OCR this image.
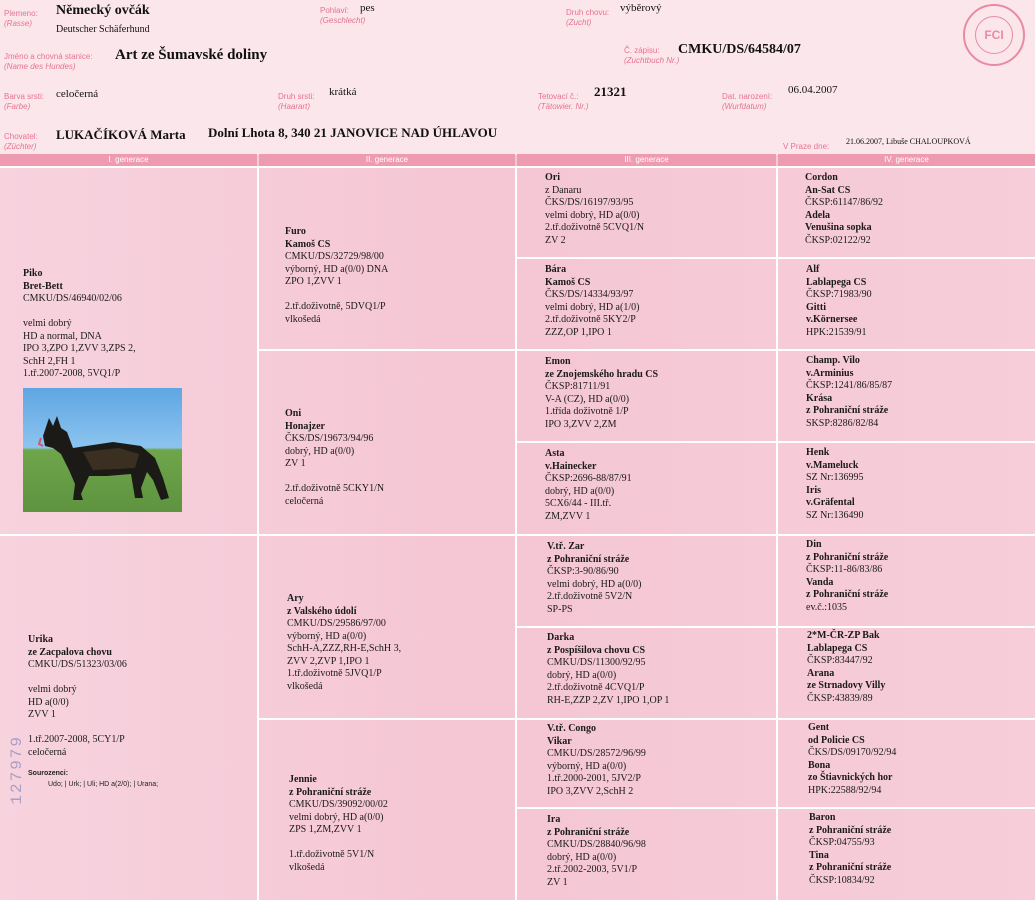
Plemeno:
(Rasse)
Německý ovčák
Deutscher Schäferhund
Pohlaví:
(Geschlecht)
pes	Druh chovu:
(Zucht)
výběrový
FCI
Jméno a chovná stanice:
(Name des Hundes)
Art ze Šumavské doliny	Č. zápisu:
(Zuchtbuch Nr.)
CMKU/DS/64584/07
Barva srsti:
(Farbe)
celočerná	Druh srsti:
(Haarart)
krátká	Tetovací č.:
(Tätowier. Nr.)
21321	Dat. narození:
(Wurfdatum)
06.04.2007
Chovatel:
(Züchter)
LUKAČÍKOVÁ Marta Dolní Lhota 8, 340 21 JANOVICE NAD ÚHLAVOU
V Praze dne:
21.06.2007, Libuše CHALOUPKOVÁ
I. generace	II. generace	III. generace	IV. generace
Piko
Bret-Bett
CMKU/DS/46940/02/06

velmi dobrý
HD a normal, DNA
IPO 3,ZPO 1,ZVV 3,ZPS 2,
SchH 2,FH 1
1.tř.2007-2008, 5VQ1/P
Urika
ze Zacpalova chovu
CMKU/DS/51323/03/06

velmi dobrý
HD a(0/0)
ZVV 1

1.tř.2007-2008, 5CY1/P
celočerná
Sourozenci:
Udo; | Urk; | Uli; HD a(2/0); | Urana;
127979
Furo
Kamoš CS
CMKU/DS/32729/98/00
výborný, HD a(0/0) DNA
ZPO 1,ZVV 1

2.tř.doživotně, 5DVQ1/P
vlkošedá
Oni
Honajzer
ČKS/DS/19673/94/96
dobrý, HD a(0/0)
ZV 1

2.tř.doživotně 5CKY1/N
celočerná
Ary
z Valského údolí
CMKU/DS/29586/97/00
výborný, HD a(0/0)
SchH-A,ZZZ,RH-E,SchH 3,
ZVV 2,ZVP 1,IPO 1
1.tř.doživotně 5JVQ1/P
vlkošedá
Jennie
z Pohraniční stráže
CMKU/DS/39092/00/02
velmi dobrý, HD a(0/0)
ZPS 1,ZM,ZVV 1

1.tř.doživotně 5V1/N
vlkošedá
Ori
z Danaru
ČKS/DS/16197/93/95
velmi dobrý, HD a(0/0)
2.tř.doživotně 5CVQ1/N
ZV 2
Bára
Kamoš CS
ČKS/DS/14334/93/97
velmi dobrý, HD a(1/0)
2.tř.doživotně 5KY2/P
ZZZ,OP 1,IPO 1
Emon
ze Znojemského hradu CS
ČKSP:81711/91
V-A (CZ), HD a(0/0)
1.třída doživotně 1/P
IPO 3,ZVV 2,ZM
Asta
v.Hainecker
ČKSP:2696-88/87/91
dobrý, HD a(0/0)
5CX6/44 - III.tř.
ZM,ZVV 1
V.tř. Zar
z Pohraniční stráže
ČKSP:3-90/86/90
velmi dobrý, HD a(0/0)
2.tř.doživotně 5V2/N
SP-PS
Darka
z Pospíšilova chovu CS
CMKU/DS/11300/92/95
dobrý, HD a(0/0)
2.tř.doživotně 4CVQ1/P
RH-E,ZZP 2,ZV 1,IPO 1,OP 1
V.tř. Congo
Vikar
CMKU/DS/28572/96/99
výborný, HD a(0/0)
1.tř.2000-2001, 5JV2/P
IPO 3,ZVV 2,SchH 2
Ira
z Pohraniční stráže
CMKU/DS/28840/96/98
dobrý, HD a(0/0)
2.tř.2002-2003, 5V1/P
ZV 1
Cordon
An-Sat CS
ČKSP:61147/86/92
Adela
Venušina sopka
ČKSP:02122/92
Alf
Lablapega CS
ČKSP:71983/90
Gitti
v.Körnersee
HPK:21539/91
Champ. Vilo
v.Arminius
ČKSP:1241/86/85/87
Krása
z Pohraniční stráže
SKSP:8286/82/84
Henk
v.Mameluck
SZ Nr:136995
Iris
v.Gräfental
SZ Nr:136490
Din
z Pohraniční stráže
ČKSP:11-86/83/86
Vanda
z Pohraniční stráže
ev.č.:1035
2*M-ČR-ZP Bak
Lablapega CS
ČKSP:83447/92
Arana
ze Strnadovy Villy
ČKSP:43839/89
Gent
od Policie CS
ČKS/DS/09170/92/94
Bona
zo Štiavnických hor
HPK:22588/92/94
Baron
z Pohraniční stráže
ČKSP:04755/93
Tina
z Pohraniční stráže
ČKSP:10834/92
